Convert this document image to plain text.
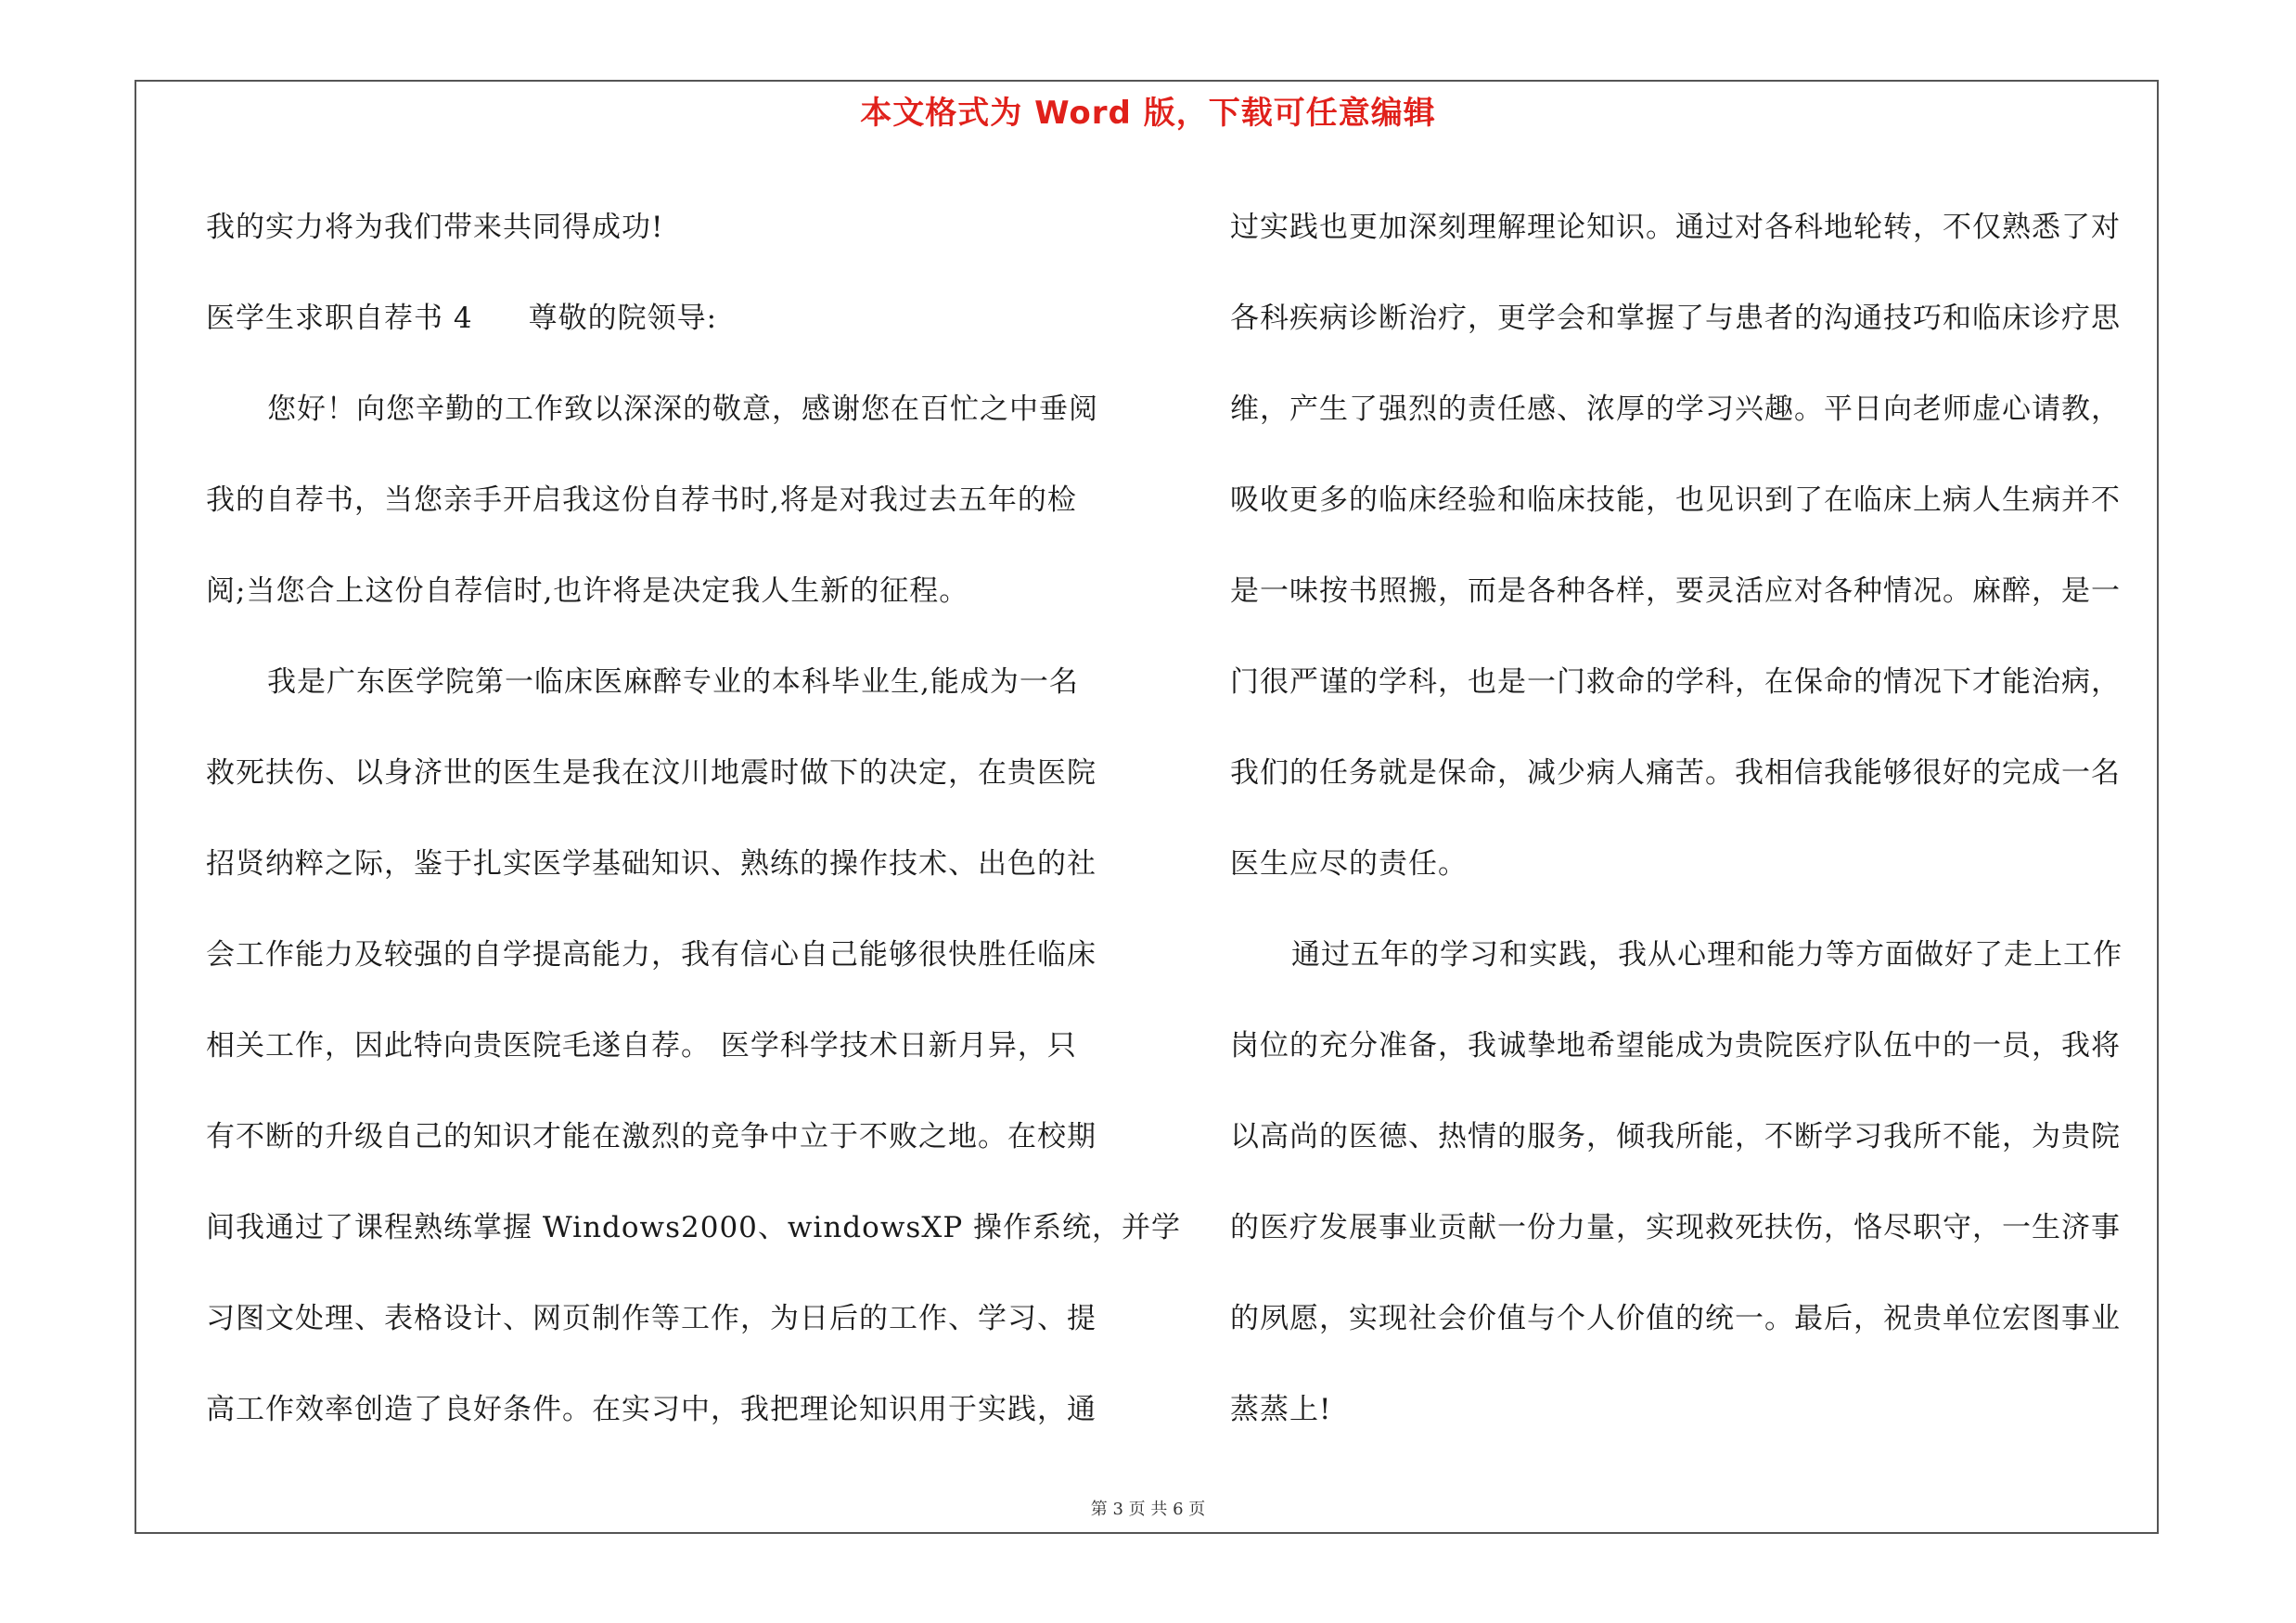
本文格式为 Word 版，下载可任意编辑
我的实力将为我们带来共同得成功!
医学生求职自荐书 4 尊敬的院领导:
您好！向您辛勤的工作致以深深的敬意，感谢您在百忙之中垂阅
我的自荐书，当您亲手开启我这份自荐书时,将是对我过去五年的检
阅;当您合上这份自荐信时,也许将是决定我人生新的征程。
我是广东医学院第一临床医麻醉专业的本科毕业生,能成为一名
救死扶伤、以身济世的医生是我在汶川地震时做下的决定，在贵医院
招贤纳粹之际，鉴于扎实医学基础知识、熟练的操作技术、出色的社
会工作能力及较强的自学提高能力，我有信心自己能够很快胜任临床
相关工作，因此特向贵医院毛遂自荐。 医学科学技术日新月异，只
有不断的升级自己的知识才能在激烈的竞争中立于不败之地。在校期
间我通过了课程熟练掌握 Windows2000、windowsXP 操作系统，并学
习图文处理、表格设计、网页制作等工作，为日后的工作、学习、提
高工作效率创造了良好条件。在实习中，我把理论知识用于实践，通
过实践也更加深刻理解理论知识。通过对各科地轮转，不仅熟悉了对
各科疾病诊断治疗，更学会和掌握了与患者的沟通技巧和临床诊疗思
维，产生了强烈的责任感、浓厚的学习兴趣。平日向老师虚心请教，
吸收更多的临床经验和临床技能，也见识到了在临床上病人生病并不
是一味按书照搬，而是各种各样，要灵活应对各种情况。麻醉，是一
门很严谨的学科，也是一门救命的学科，在保命的情况下才能治病，
我们的任务就是保命，减少病人痛苦。我相信我能够很好的完成一名
医生应尽的责任。
通过五年的学习和实践，我从心理和能力等方面做好了走上工作
岗位的充分准备，我诚挚地希望能成为贵院医疗队伍中的一员，我将
以高尚的医德、热情的服务，倾我所能，不断学习我所不能，为贵院
的医疗发展事业贡献一份力量，实现救死扶伤，恪尽职守，一生济事
的夙愿，实现社会价值与个人价值的统一。最后，祝贵单位宏图事业
蒸蒸上!
第 3 页 共 6 页
